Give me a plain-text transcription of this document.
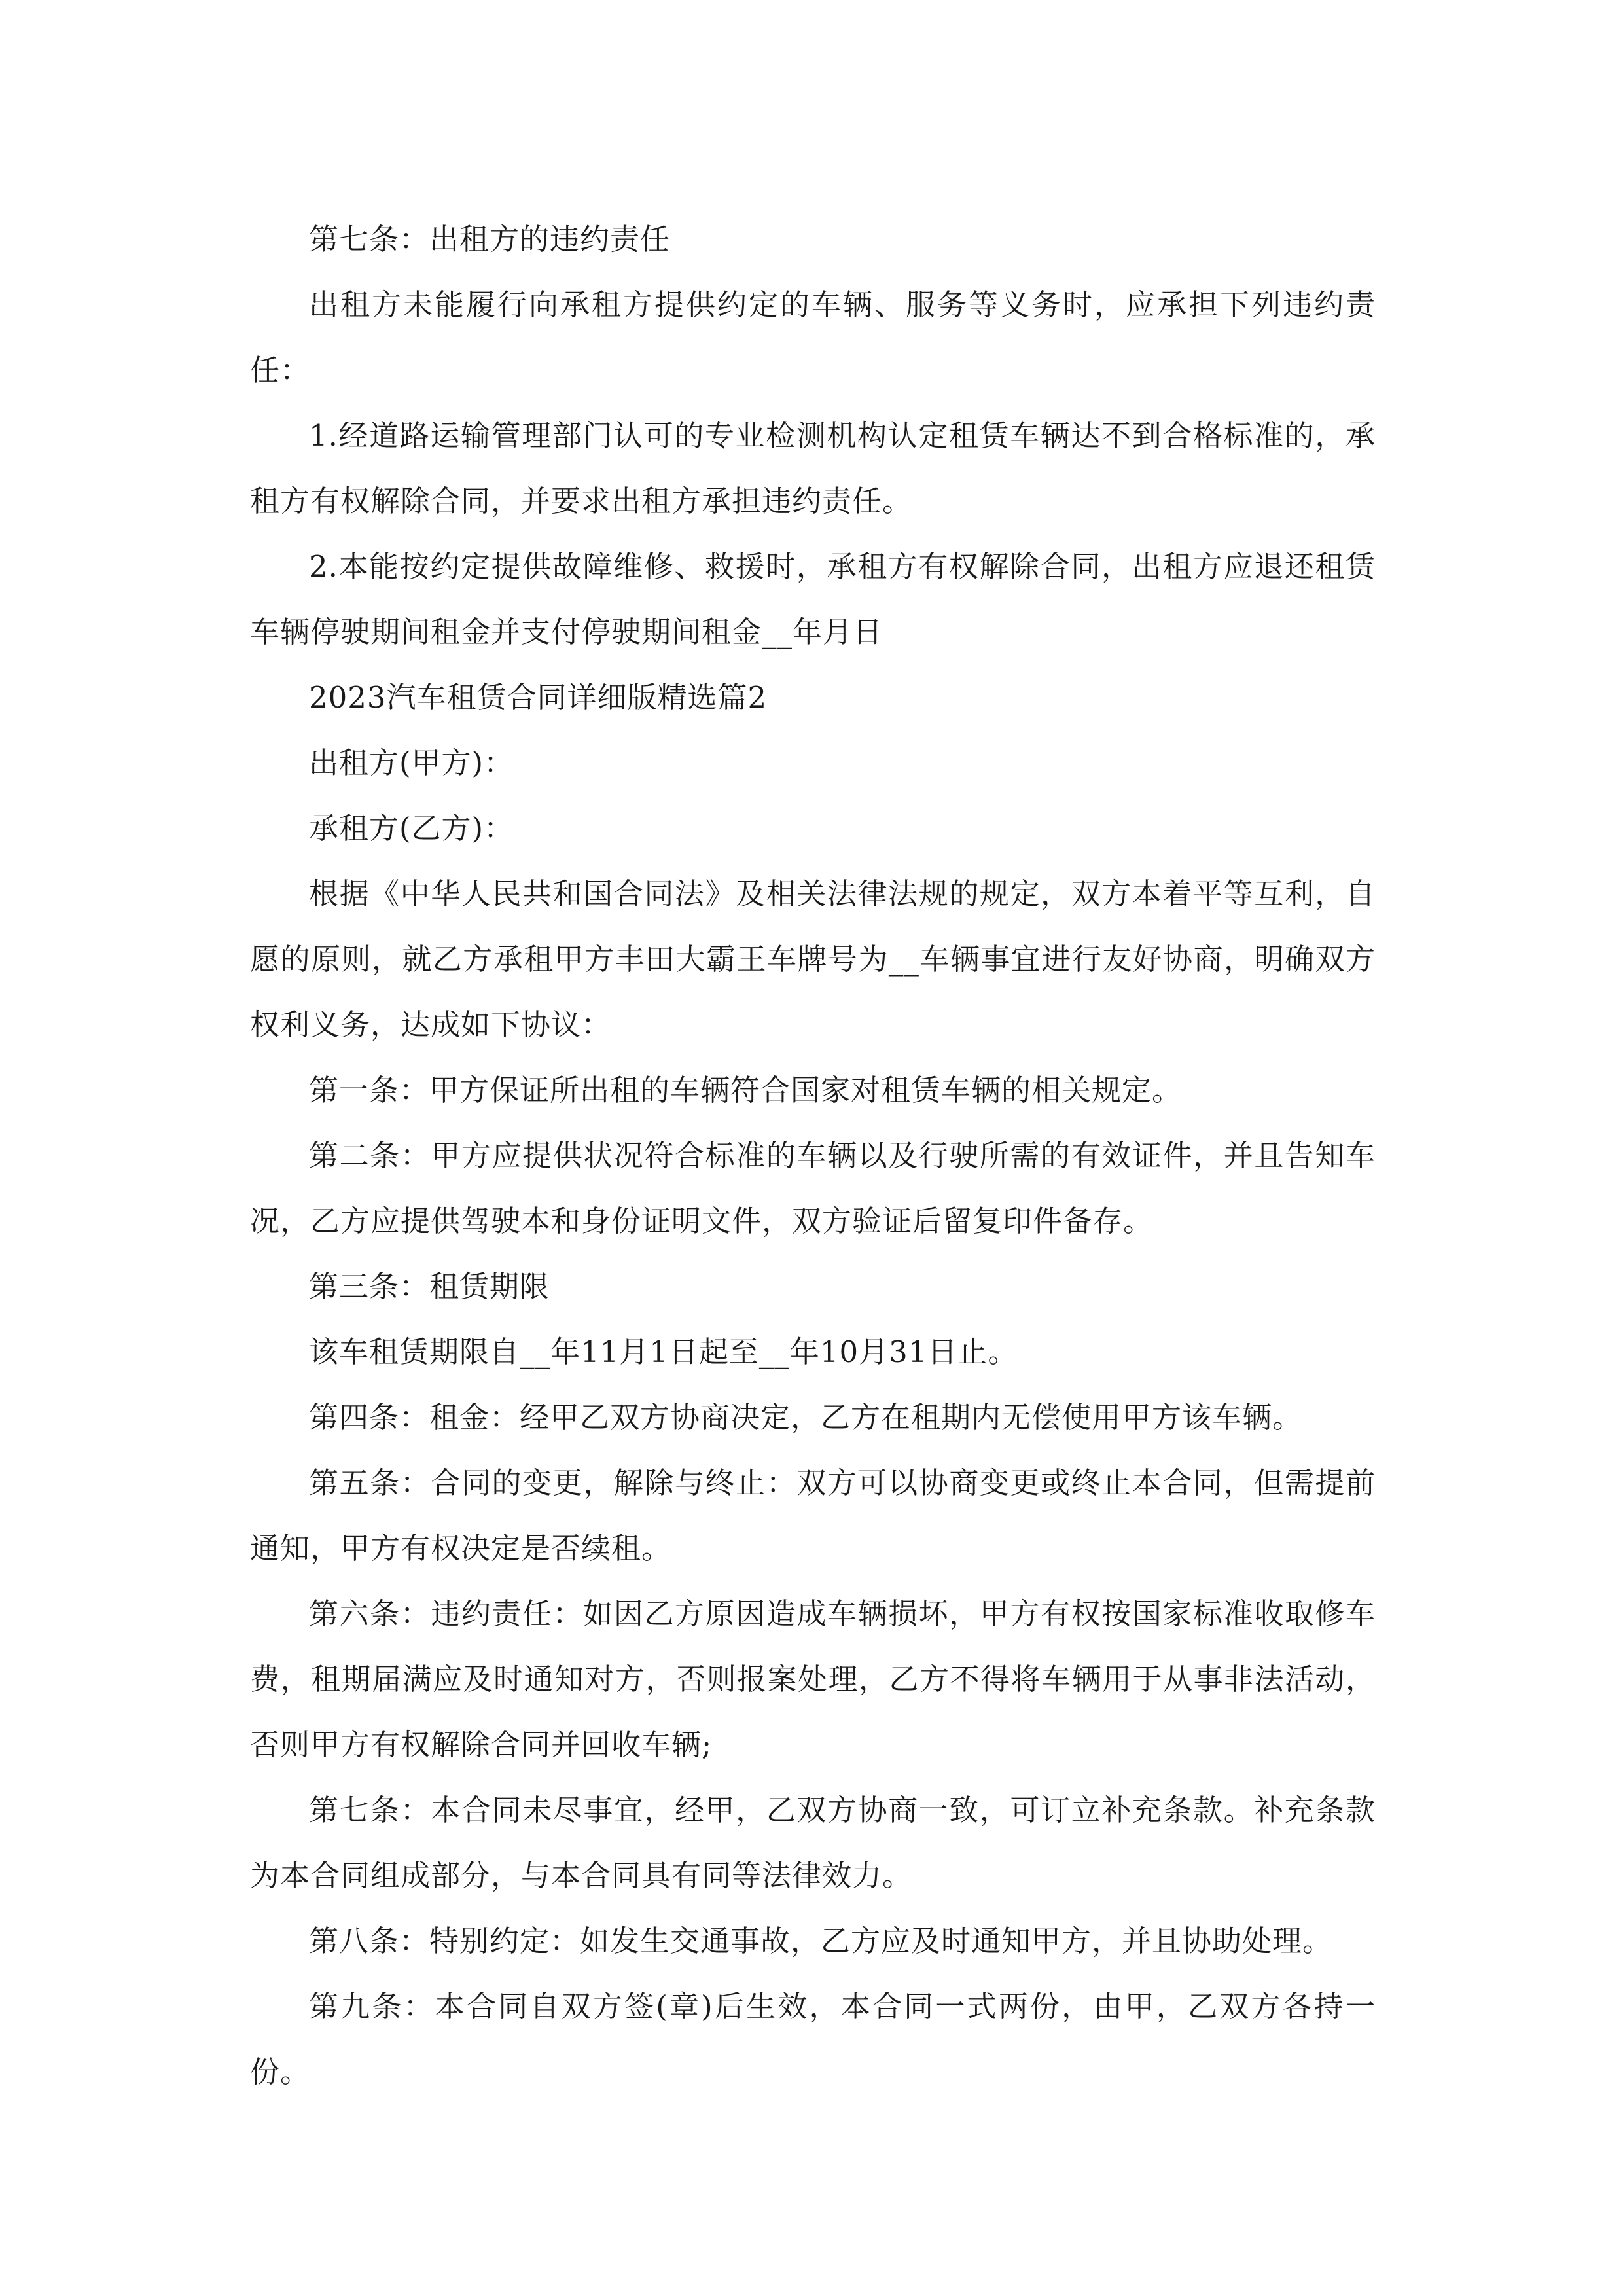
第七条：出租方的违约责任

出租方未能履行向承租方提供约定的车辆、服务等义务时，应承担下列违约责任：

1.经道路运输管理部门认可的专业检测机构认定租赁车辆达不到合格标准的，承租方有权解除合同，并要求出租方承担违约责任。

2.本能按约定提供故障维修、救援时，承租方有权解除合同，出租方应退还租赁车辆停驶期间租金并支付停驶期间租金__年月日

2023汽车租赁合同详细版精选篇2

出租方(甲方)：

承租方(乙方)：

根据《中华人民共和国合同法》及相关法律法规的规定，双方本着平等互利，自愿的原则，就乙方承租甲方丰田大霸王车牌号为__车辆事宜进行友好协商，明确双方权利义务，达成如下协议：

第一条：甲方保证所出租的车辆符合国家对租赁车辆的相关规定。

第二条：甲方应提供状况符合标准的车辆以及行驶所需的有效证件，并且告知车况，乙方应提供驾驶本和身份证明文件，双方验证后留复印件备存。

第三条：租赁期限

该车租赁期限自__年11月1日起至__年10月31日止。

第四条：租金：经甲乙双方协商决定，乙方在租期内无偿使用甲方该车辆。

第五条：合同的变更，解除与终止：双方可以协商变更或终止本合同，但需提前通知，甲方有权决定是否续租。

第六条：违约责任：如因乙方原因造成车辆损坏，甲方有权按国家标准收取修车费，租期届满应及时通知对方，否则报案处理，乙方不得将车辆用于从事非法活动，否则甲方有权解除合同并回收车辆;

第七条：本合同未尽事宜，经甲，乙双方协商一致，可订立补充条款。补充条款为本合同组成部分，与本合同具有同等法律效力。

第八条：特别约定：如发生交通事故，乙方应及时通知甲方，并且协助处理。

第九条：本合同自双方签(章)后生效，本合同一式两份，由甲，乙双方各持一份。
